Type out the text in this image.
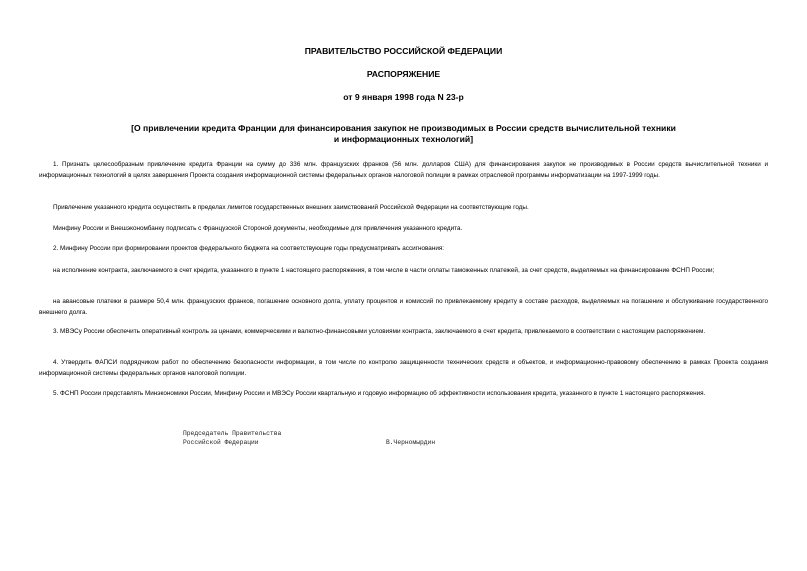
ПРАВИТЕЛЬСТВО РОССИЙСКОЙ ФЕДЕРАЦИИ
РАСПОРЯЖЕНИЕ
от 9 января 1998 года N 23-р
[О привлечении кредита Франции для финансирования закупок не производимых в России средств вычислительной техники
и информационных технологий]

1. Признать целесообразным привлечение кредита Франции на сумму до 336 млн. французских франков (56 млн. долларов США) для финансирования закупок не производимых в России средств вычислительной техники и информационных технологий в целях завершения Проекта создания информационной системы федеральных органов налоговой полиции в рамках отраслевой программы информатизации на 1997-1999 годы.

Привлечение указанного кредита осуществить в пределах лимитов государственных внешних заимствований Российской Федерации на соответствующие годы.

Минфину России и Внешэкономбанку подписать с Французской Стороной документы, необходимые для привлечения указанного кредита.

2. Минфину России при формировании проектов федерального бюджета на соответствующие годы предусматривать ассигнования:

на исполнение контракта, заключаемого в счет кредита, указанного в пункте 1 настоящего распоряжения, в том числе в части оплаты таможенных платежей, за счет средств, выделяемых на финансирование ФСНП России;

на авансовые платежи в размере 50,4 млн. французских франков, погашение основного долга, уплату процентов и комиссий по привлекаемому кредиту в составе расходов, выделяемых на погашение и обслуживание государственного внешнего долга.

3. МВЭСу России обеспечить оперативный контроль за ценами, коммерческими и валютно-финансовыми условиями контракта, заключаемого в счет кредита, привлекаемого в соответствии с настоящим распоряжением.

4. Утвердить ФАПСИ подрядчиком работ по обеспечению безопасности информации, в том числе по контролю защищенности технических средств и объектов, и информационно-правовому обеспечению в рамках Проекта создания информационной системы федеральных органов налоговой полиции.

5. ФСНП России представлять Минэкономики России, Минфину России и МВЭСу России квартальную и годовую информацию об эффективности использования кредита, указанного в пункте 1 настоящего распоряжения.

Председатель Правительства
Российской Федерации	В.Черномырдин
